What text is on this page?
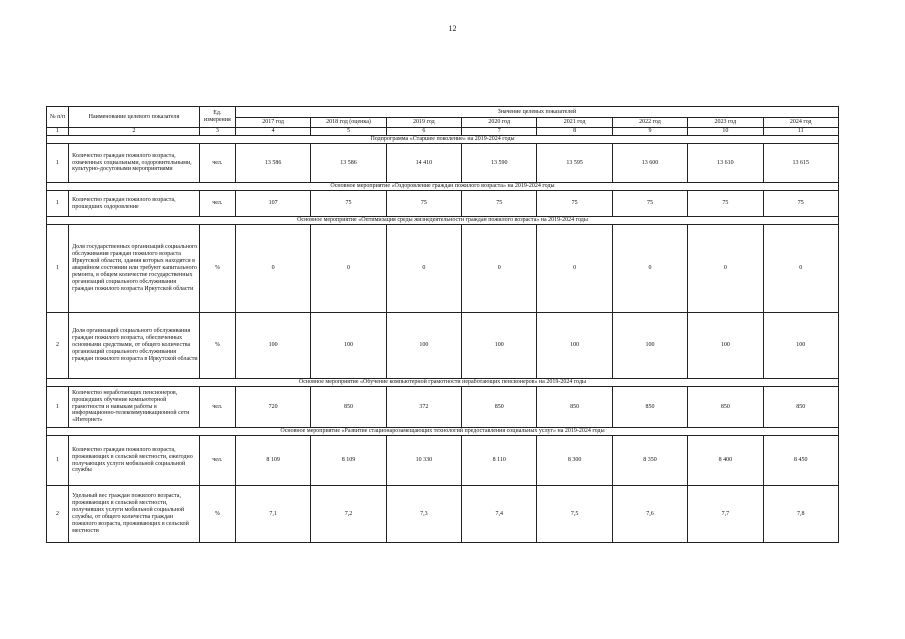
12
№ п/п	Наименование целевого показателя	Ед. измерения	Значение целевых показателей							
			2017 год	2018 год (оценка)	2019 год	2020 год	2021 год	2022 год	2023 год	2024 год
1	2	3	4	5	6	7	8	9	10	11
Подпрограмма «Старшее поколение» на 2019-2024 годы										
1	Количество граждан пожилого возраста, охваченных социальными, оздоровительными, культурно-досуговыми мероприятиями	чел.	13 586	13 586	14 410	13 590	13 595	13 600	13 610	13 615
Основное мероприятие «Оздоровление граждан пожилого возраста» на 2019-2024 годы										
1	Количество граждан пожилого возраста, прошедших оздоровление	чел.	107	75	75	75	75	75	75	75
Основное мероприятие «Оптимизация среды жизнедеятельности граждан пожилого возраста» на 2019-2024 годы										
1	Доля государственных организаций социального обслуживания граждан пожилого возраста Иркутской области, здания которых находятся в аварийном состоянии или требуют капитального ремонта, в общем количестве государственных организаций социального обслуживания граждан пожилого возраста Иркутской области	%	0	0	0	0	0	0	0	0
2	Доля организаций социального обслуживания граждан пожилого возраста, обеспеченных основными средствами, от общего количества организаций социального обслуживания граждан пожилого возраста в Иркутской области	%	100	100	100	100	100	100	100	100
Основное мероприятие «Обучение компьютерной грамотности неработающих пенсионеров» на 2019-2024 годы										
1	Количество неработающих пенсионеров, прошедших обучение компьютерной грамотности и навыкам работы в информационно-телекоммуникационной сети «Интернет»	чел.	720	850	372	850	850	850	850	850
Основное мероприятие «Развитие стационарозамещающих технологий предоставления социальных услуг» на 2019-2024 годы										
1	Количество граждан пожилого возраста, проживающих в сельской местности, ежегодно получающих услуги мобильной социальной службы	чел.	8 109	8 109	10 330	8 110	8 300	8 350	8 400	8 450
2	Удельный вес граждан пожилого возраста, проживающих в сельской местности, получивших услуги мобильной социальной службы, от общего количества граждан пожилого возраста, проживающих в сельской местности	%	7,1	7,2	7,3	7,4	7,5	7,6	7,7	7,8
